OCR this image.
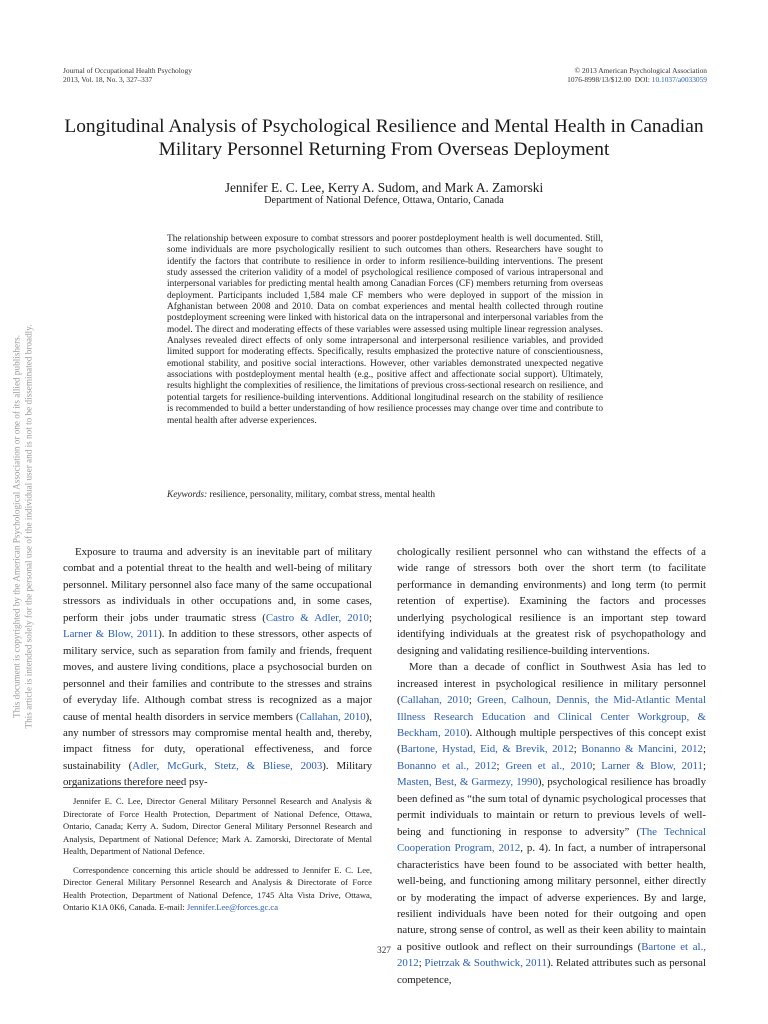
This document is copyrighted by the American Psychological Association or one of its allied publishers. This article is intended solely for the personal use of the individual user and is not to be disseminated broadly.
Journal of Occupational Health Psychology
2013, Vol. 18, No. 3, 327–337
© 2013 American Psychological Association
1076-8998/13/$12.00 DOI: 10.1037/a0033059
Longitudinal Analysis of Psychological Resilience and Mental Health in Canadian Military Personnel Returning From Overseas Deployment
Jennifer E. C. Lee, Kerry A. Sudom, and Mark A. Zamorski
Department of National Defence, Ottawa, Ontario, Canada

The relationship between exposure to combat stressors and poorer postdeployment health is well documented. Still, some individuals are more psychologically resilient to such outcomes than others. Researchers have sought to identify the factors that contribute to resilience in order to inform resilience-building interventions. The present study assessed the criterion validity of a model of psychological resilience composed of various intrapersonal and interpersonal variables for predicting mental health among Canadian Forces (CF) members returning from overseas deployment. Participants included 1,584 male CF members who were deployed in support of the mission in Afghanistan between 2008 and 2010. Data on combat experiences and mental health collected through routine postdeployment screening were linked with historical data on the intrapersonal and interpersonal variables from the model. The direct and moderating effects of these variables were assessed using multiple linear regression analyses. Analyses revealed direct effects of only some intrapersonal and interpersonal resilience variables, and provided limited support for moderating effects. Specifically, results emphasized the protective nature of conscientiousness, emotional stability, and positive social interactions. However, other variables demonstrated unexpected negative associations with postdeployment mental health (e.g., positive affect and affectionate social support). Ultimately, results highlight the complexities of resilience, the limitations of previous cross-sectional research on resilience, and potential targets for resilience-building interventions. Additional longitudinal research on the stability of resilience is recommended to build a better understanding of how resilience processes may change over time and contribute to mental health after adverse experiences.

Keywords: resilience, personality, military, combat stress, mental health

Exposure to trauma and adversity is an inevitable part of military combat and a potential threat to the health and well-being of military personnel. Military personnel also face many of the same occupational stressors as individuals in other occupations and, in some cases, perform their jobs under traumatic stress (Castro & Adler, 2010; Larner & Blow, 2011). In addition to these stressors, other aspects of military service, such as separation from family and friends, frequent moves, and austere living conditions, place a psychosocial burden on personnel and their families and contribute to the stresses and strains of everyday life. Although combat stress is recognized as a major cause of mental health disorders in service members (Callahan, 2010), any number of stressors may compromise mental health and, thereby, impact fitness for duty, operational effectiveness, and force sustainability (Adler, McGurk, Stetz, & Bliese, 2003). Military organizations therefore need psy-

Jennifer E. C. Lee, Director General Military Personnel Research and Analysis & Directorate of Force Health Protection, Department of National Defence, Ottawa, Ontario, Canada; Kerry A. Sudom, Director General Military Personnel Research and Analysis, Department of National Defence; Mark A. Zamorski, Directorate of Mental Health, Department of National Defence.

Correspondence concerning this article should be addressed to Jennifer E. C. Lee, Director General Military Personnel Research and Analysis & Directorate of Force Health Protection, Department of National Defence, 1745 Alta Vista Drive, Ottawa, Ontario K1A 0K6, Canada. E-mail: Jennifer.Lee@forces.gc.ca

chologically resilient personnel who can withstand the effects of a wide range of stressors both over the short term (to facilitate performance in demanding environments) and long term (to permit retention of expertise). Examining the factors and processes underlying psychological resilience is an important step toward identifying individuals at the greatest risk of psychopathology and designing and validating resilience-building interventions.

More than a decade of conflict in Southwest Asia has led to increased interest in psychological resilience in military personnel (Callahan, 2010; Green, Calhoun, Dennis, the Mid-Atlantic Mental Illness Research Education and Clinical Center Workgroup, & Beckham, 2010). Although multiple perspectives of this concept exist (Bartone, Hystad, Eid, & Brevik, 2012; Bonanno & Mancini, 2012; Bonanno et al., 2012; Green et al., 2010; Larner & Blow, 2011; Masten, Best, & Garmezy, 1990), psychological resilience has broadly been defined as “the sum total of dynamic psychological processes that permit individuals to maintain or return to previous levels of well-being and functioning in response to adversity” (The Technical Cooperation Program, 2012, p. 4). In fact, a number of intrapersonal characteristics have been found to be associated with better health, well-being, and functioning among military personnel, either directly or by moderating the impact of adverse experiences. By and large, resilient individuals have been noted for their outgoing and open nature, strong sense of control, as well as their keen ability to maintain a positive outlook and reflect on their surroundings (Bartone et al., 2012; Pietrzak & Southwick, 2011). Related attributes such as personal competence,

327
